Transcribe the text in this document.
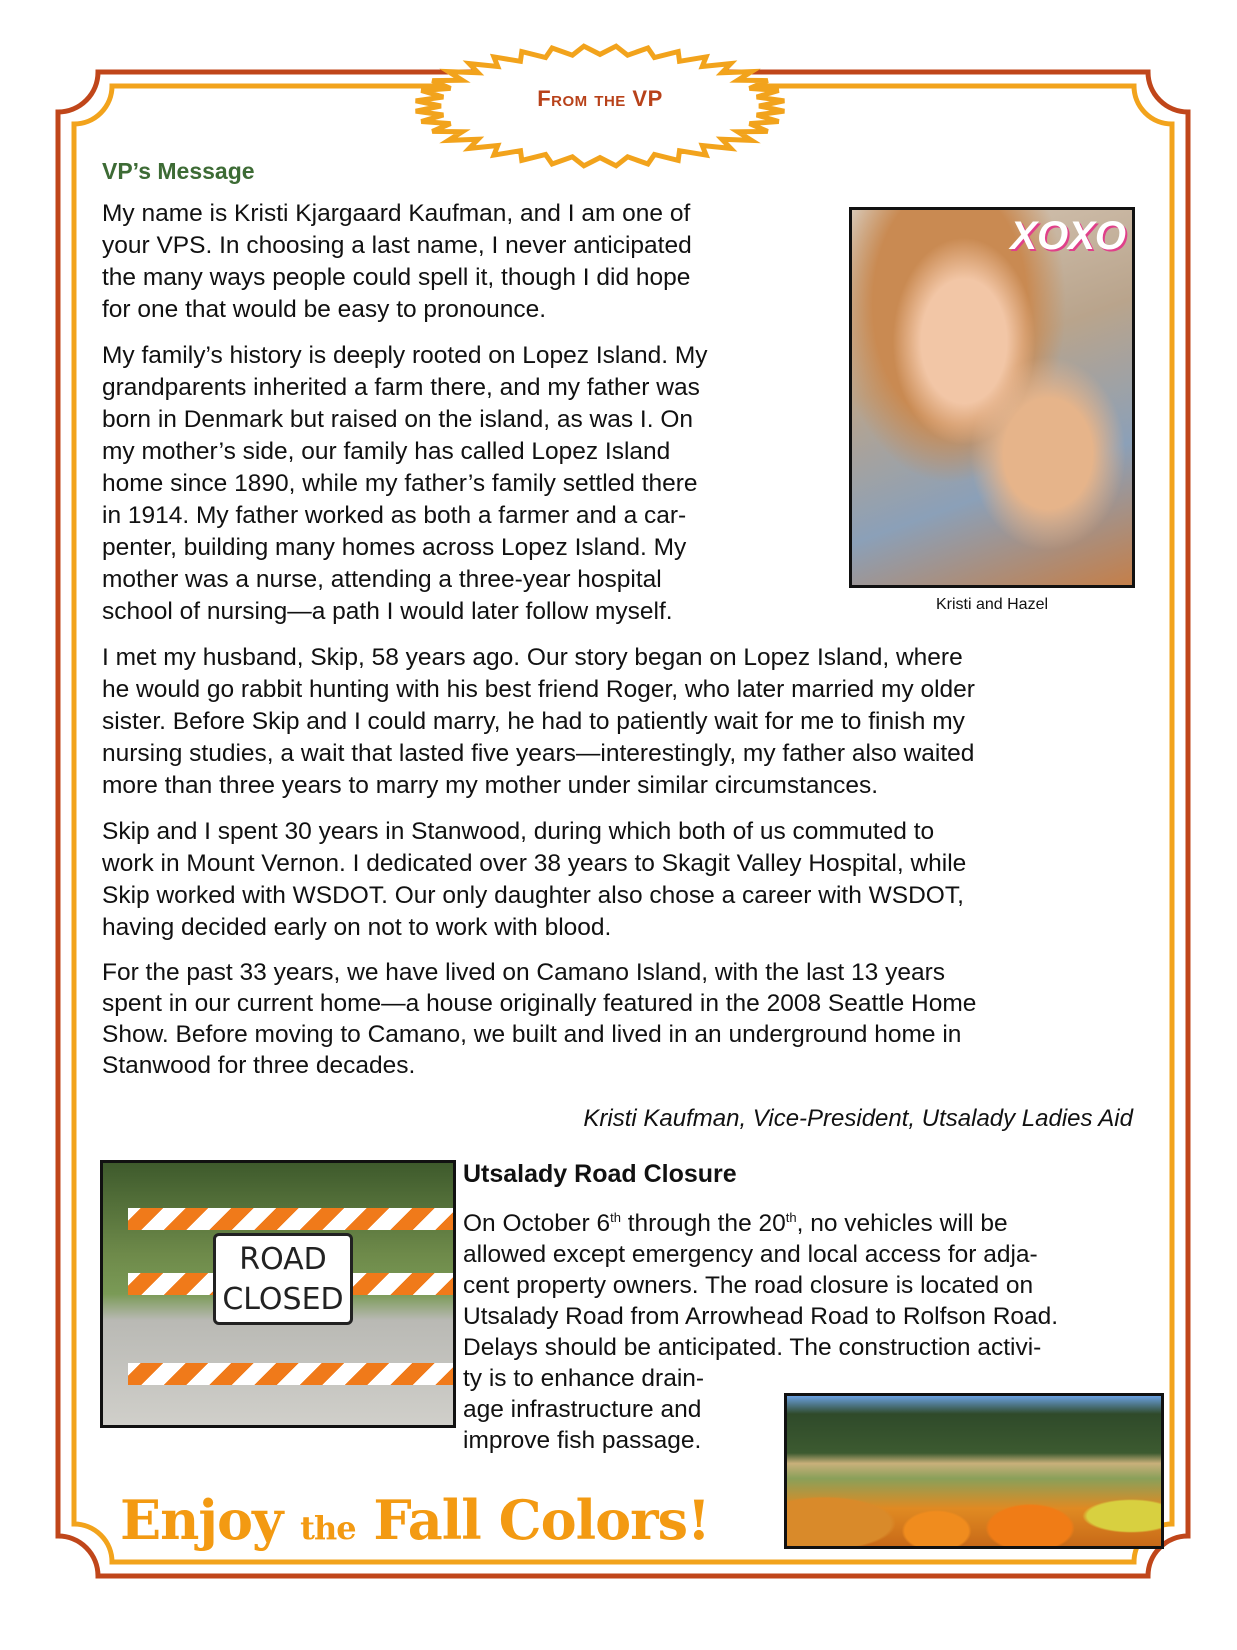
From the VP
VP’s Message
My name is Kristi Kjargaard Kaufman, and I am one of
your VPS. In choosing a last name, I never anticipated
the many ways people could spell it, though I did hope
for one that would be easy to pronounce.
My family’s history is deeply rooted on Lopez Island. My
grandparents inherited a farm there, and my father was
born in Denmark but raised on the island, as was I. On
my mother’s side, our family has called Lopez Island
home since 1890, while my father’s family settled there
in 1914. My father worked as both a farmer and a car-
penter, building many homes across Lopez Island. My
mother was a nurse, attending a three-year hospital
school of nursing—a path I would later follow myself.
I met my husband, Skip, 58 years ago. Our story began on Lopez Island, where
he would go rabbit hunting with his best friend Roger, who later married my older
sister. Before Skip and I could marry, he had to patiently wait for me to finish my
nursing studies, a wait that lasted five years—interestingly, my father also waited
more than three years to marry my mother under similar circumstances.
Skip and I spent 30 years in Stanwood, during which both of us commuted to
work in Mount Vernon. I dedicated over 38 years to Skagit Valley Hospital, while
Skip worked with WSDOT. Our only daughter also chose a career with WSDOT,
having decided early on not to work with blood.
For the past 33 years, we have lived on Camano Island, with the last 13 years
spent in our current home—a house originally featured in the 2008 Seattle Home
Show. Before moving to Camano, we built and lived in an underground home in
Stanwood for three decades.
XOXO
Kristi and Hazel
Kristi Kaufman, Vice-President, Utsalady Ladies Aid
ROAD
CLOSED
Utsalady Road Closure
On October 6th through the 20th, no vehicles will be
allowed except emergency and local access for adja-
cent property owners. The road closure is located on
Utsalady Road from Arrowhead Road to Rolfson Road.
Delays should be anticipated. The construction activi-
ty is to enhance drain-
age infrastructure and
improve fish passage.
Enjoy the Fall Colors!
